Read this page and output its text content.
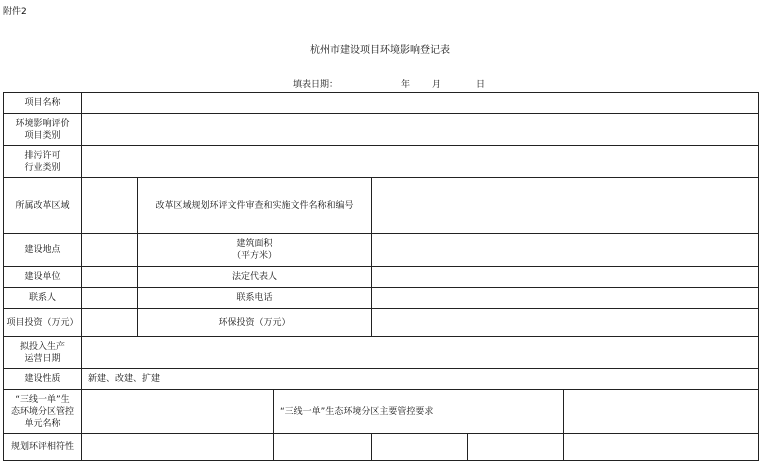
附件2
杭州市建设项目环境影响登记表
填表日期：	年 月	日
项目名称						
环境影响评价
项目类别						
排污许可
行业类别						
所属改革区域		改革区域规划环评文件审查和实施文件名称和编号				
建设地点		建筑面积
（平方米）				
建设单位		法定代表人				
联系人		联系电话				
项目投资（万元）		环保投资（万元）				
拟投入生产
运营日期						
建设性质	新建、改建、扩建					
“三线一单”生
态环境分区管控
单元名称			“三线一单”生态环境分区主要管控要求			
规划环评相符性						
